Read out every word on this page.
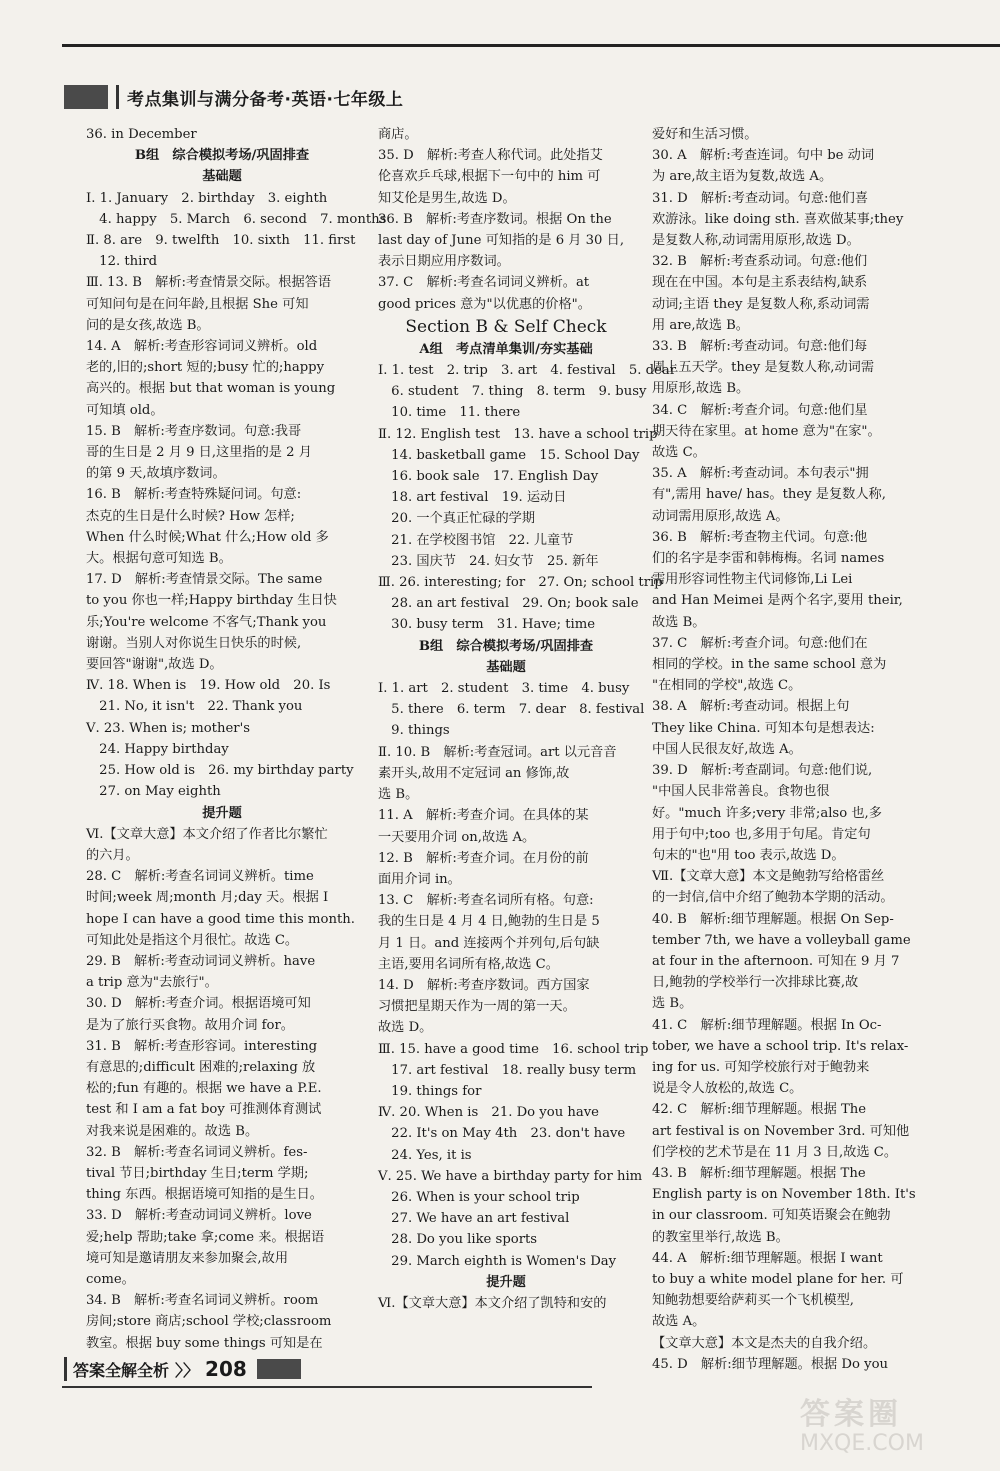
考点集训与满分备考·英语·七年级上
36. in December
B组　综合模拟考场/巩固排查
基础题
Ⅰ. 1. January　2. birthday　3. eighth
　4. happy　5. March　6. second　7. months
Ⅱ. 8. are　9. twelfth　10. sixth　11. first
　12. third
Ⅲ. 13. B　解析:考查情景交际。根据答语
可知问句是在问年龄,且根据 She 可知
问的是女孩,故选 B。
14. A　解析:考查形容词词义辨析。old
老的,旧的;short 短的;busy 忙的;happy
高兴的。根据 but that woman is young
可知填 old。
15. B　解析:考查序数词。句意:我哥
哥的生日是 2 月 9 日,这里指的是 2 月
的第 9 天,故填序数词。
16. B　解析:考查特殊疑问词。句意:
杰克的生日是什么时候? How 怎样;
When 什么时候;What 什么;How old 多
大。根据句意可知选 B。
17. D　解析:考查情景交际。The same
to you 你也一样;Happy birthday 生日快
乐;You're welcome 不客气;Thank you
谢谢。当别人对你说生日快乐的时候,
要回答"谢谢",故选 D。
Ⅳ. 18. When is　19. How old　20. Is
　21. No, it isn't　22. Thank you
Ⅴ. 23. When is; mother's
　24. Happy birthday
　25. How old is　26. my birthday party
　27. on May eighth
提升题
Ⅵ.【文章大意】本文介绍了作者比尔繁忙
的六月。
28. C　解析:考查名词词义辨析。time
时间;week 周;month 月;day 天。根据 I
hope I can have a good time this month.
可知此处是指这个月很忙。故选 C。
29. B　解析:考查动词词义辨析。have
a trip 意为"去旅行"。
30. D　解析:考查介词。根据语境可知
是为了旅行买食物。故用介词 for。
31. B　解析:考查形容词。interesting
有意思的;difficult 困难的;relaxing 放
松的;fun 有趣的。根据 we have a P.E.
test 和 I am a fat boy 可推测体育测试
对我来说是困难的。故选 B。
32. B　解析:考查名词词义辨析。fes-
tival 节日;birthday 生日;term 学期;
thing 东西。根据语境可知指的是生日。
33. D　解析:考查动词词义辨析。love
爱;help 帮助;take 拿;come 来。根据语
境可知是邀请朋友来参加聚会,故用
come。
34. B　解析:考查名词词义辨析。room
房间;store 商店;school 学校;classroom
教室。根据 buy some things 可知是在
商店。
35. D　解析:考查人称代词。此处指艾
伦喜欢乒乓球,根据下一句中的 him 可
知艾伦是男生,故选 D。
36. B　解析:考查序数词。根据 On the
last day of June 可知指的是 6 月 30 日,
表示日期应用序数词。
37. C　解析:考查名词词义辨析。at
good prices 意为"以优惠的价格"。
Section B & Self Check
A组　考点清单集训/夯实基础
Ⅰ. 1. test　2. trip　3. art　4. festival　5. dear
　6. student　7. thing　8. term　9. busy
　10. time　11. there
Ⅱ. 12. English test　13. have a school trip
　14. basketball game　15. School Day
　16. book sale　17. English Day
　18. art festival　19. 运动日
　20. 一个真正忙碌的学期
　21. 在学校图书馆　22. 儿童节
　23. 国庆节　24. 妇女节　25. 新年
Ⅲ. 26. interesting; for　27. On; school trip
　28. an art festival　29. On; book sale
　30. busy term　31. Have; time
B组　综合模拟考场/巩固排查
基础题
Ⅰ. 1. art　2. student　3. time　4. busy
　5. there　6. term　7. dear　8. festival
　9. things
Ⅱ. 10. B　解析:考查冠词。art 以元音音
素开头,故用不定冠词 an 修饰,故
选 B。
11. A　解析:考查介词。在具体的某
一天要用介词 on,故选 A。
12. B　解析:考查介词。在月份的前
面用介词 in。
13. C　解析:考查名词所有格。句意:
我的生日是 4 月 4 日,鲍勃的生日是 5
月 1 日。and 连接两个并列句,后句缺
主语,要用名词所有格,故选 C。
14. D　解析:考查序数词。西方国家
习惯把星期天作为一周的第一天。
故选 D。
Ⅲ. 15. have a good time　16. school trip
　17. art festival　18. really busy term
　19. things for
Ⅳ. 20. When is　21. Do you have
　22. It's on May 4th　23. don't have
　24. Yes, it is
Ⅴ. 25. We have a birthday party for him
　26. When is your school trip
　27. We have an art festival
　28. Do you like sports
　29. March eighth is Women's Day
提升题
Ⅵ.【文章大意】本文介绍了凯特和安的
爱好和生活习惯。
30. A　解析:考查连词。句中 be 动词
为 are,故主语为复数,故选 A。
31. D　解析:考查动词。句意:他们喜
欢游泳。like doing sth. 喜欢做某事;they
是复数人称,动词需用原形,故选 D。
32. B　解析:考查系动词。句意:他们
现在在中国。本句是主系表结构,缺系
动词;主语 they 是复数人称,系动词需
用 are,故选 B。
33. B　解析:考查动词。句意:他们每
周上五天学。they 是复数人称,动词需
用原形,故选 B。
34. C　解析:考查介词。句意:他们星
期天待在家里。at home 意为"在家"。
故选 C。
35. A　解析:考查动词。本句表示"拥
有",需用 have/ has。they 是复数人称,
动词需用原形,故选 A。
36. B　解析:考查物主代词。句意:他
们的名字是李雷和韩梅梅。名词 names
需用形容词性物主代词修饰,Li Lei
and Han Meimei 是两个名字,要用 their,
故选 B。
37. C　解析:考查介词。句意:他们在
相同的学校。in the same school 意为
"在相同的学校",故选 C。
38. A　解析:考查动词。根据上句
They like China. 可知本句是想表达:
中国人民很友好,故选 A。
39. D　解析:考查副词。句意:他们说,
"中国人民非常善良。食物也很
好。"much 许多;very 非常;also 也,多
用于句中;too 也,多用于句尾。肯定句
句末的"也"用 too 表示,故选 D。
Ⅶ.【文章大意】本文是鲍勃写给格雷丝
的一封信,信中介绍了鲍勃本学期的活动。
40. B　解析:细节理解题。根据 On Sep-
tember 7th, we have a volleyball game
at four in the afternoon. 可知在 9 月 7
日,鲍勃的学校举行一次排球比赛,故
选 B。
41. C　解析:细节理解题。根据 In Oc-
tober, we have a school trip. It's relax-
ing for us. 可知学校旅行对于鲍勃来
说是令人放松的,故选 C。
42. C　解析:细节理解题。根据 The
art festival is on November 3rd. 可知他
们学校的艺术节是在 11 月 3 日,故选 C。
43. B　解析:细节理解题。根据 The
English party is on November 18th. It's
in our classroom. 可知英语聚会在鲍勃
的教室里举行,故选 B。
44. A　解析:细节理解题。根据 I want
to buy a white model plane for her. 可
知鲍勃想要给萨莉买一个飞机模型,
故选 A。
【文章大意】本文是杰夫的自我介绍。
45. D　解析:细节理解题。根据 Do you
答案全解全析 〉〉 208
答案圈
MXQE.COM
